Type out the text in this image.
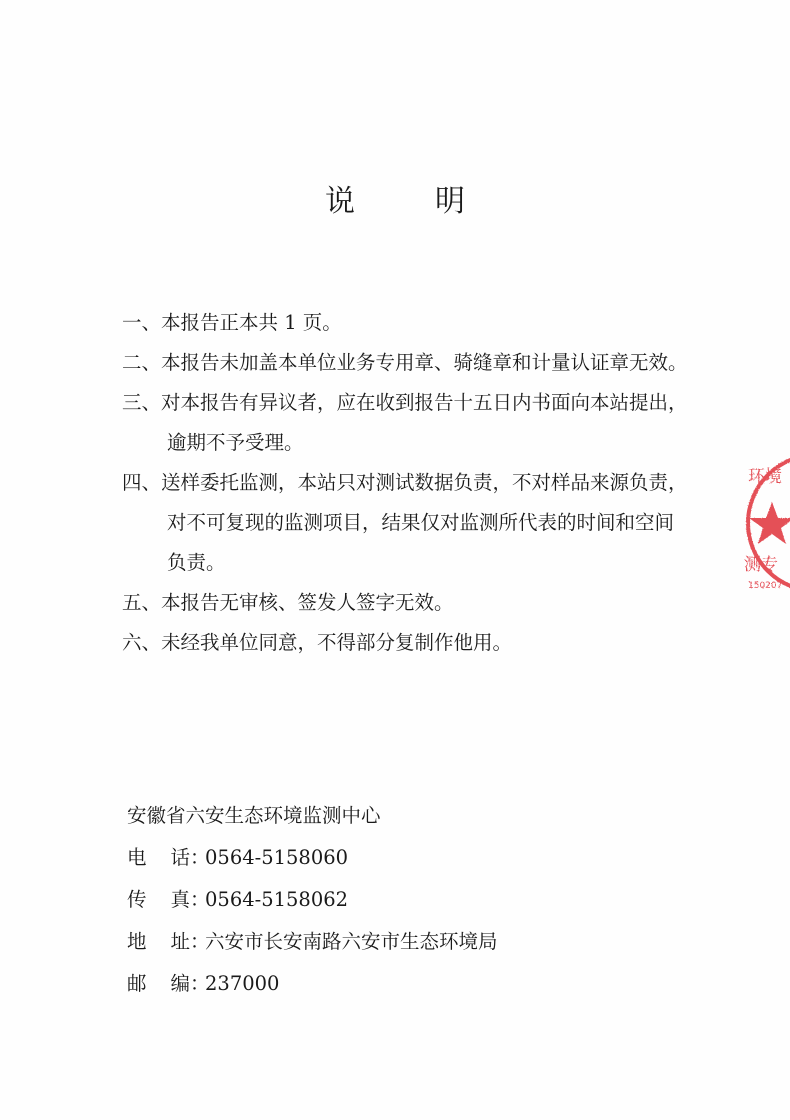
说	明
一、本报告正本共 1 页。
二、本报告未加盖本单位业务专用章、骑缝章和计量认证章无效。
三、对本报告有异议者，应在收到报告十五日内书面向本站提出，
逾期不予受理。
四、送样委托监测，本站只对测试数据负责，不对样品来源负责，
对不可复现的监测项目，结果仅对监测所代表的时间和空间
负责。
五、本报告无审核、签发人签字无效。
六、未经我单位同意，不得部分复制作他用。
安徽省六安生态环境监测中心
电 话：0564-5158060
传 真：0564-5158062
地 址：六安市长安南路六安市生态环境局
邮 编：237000
环境
测专
150207
